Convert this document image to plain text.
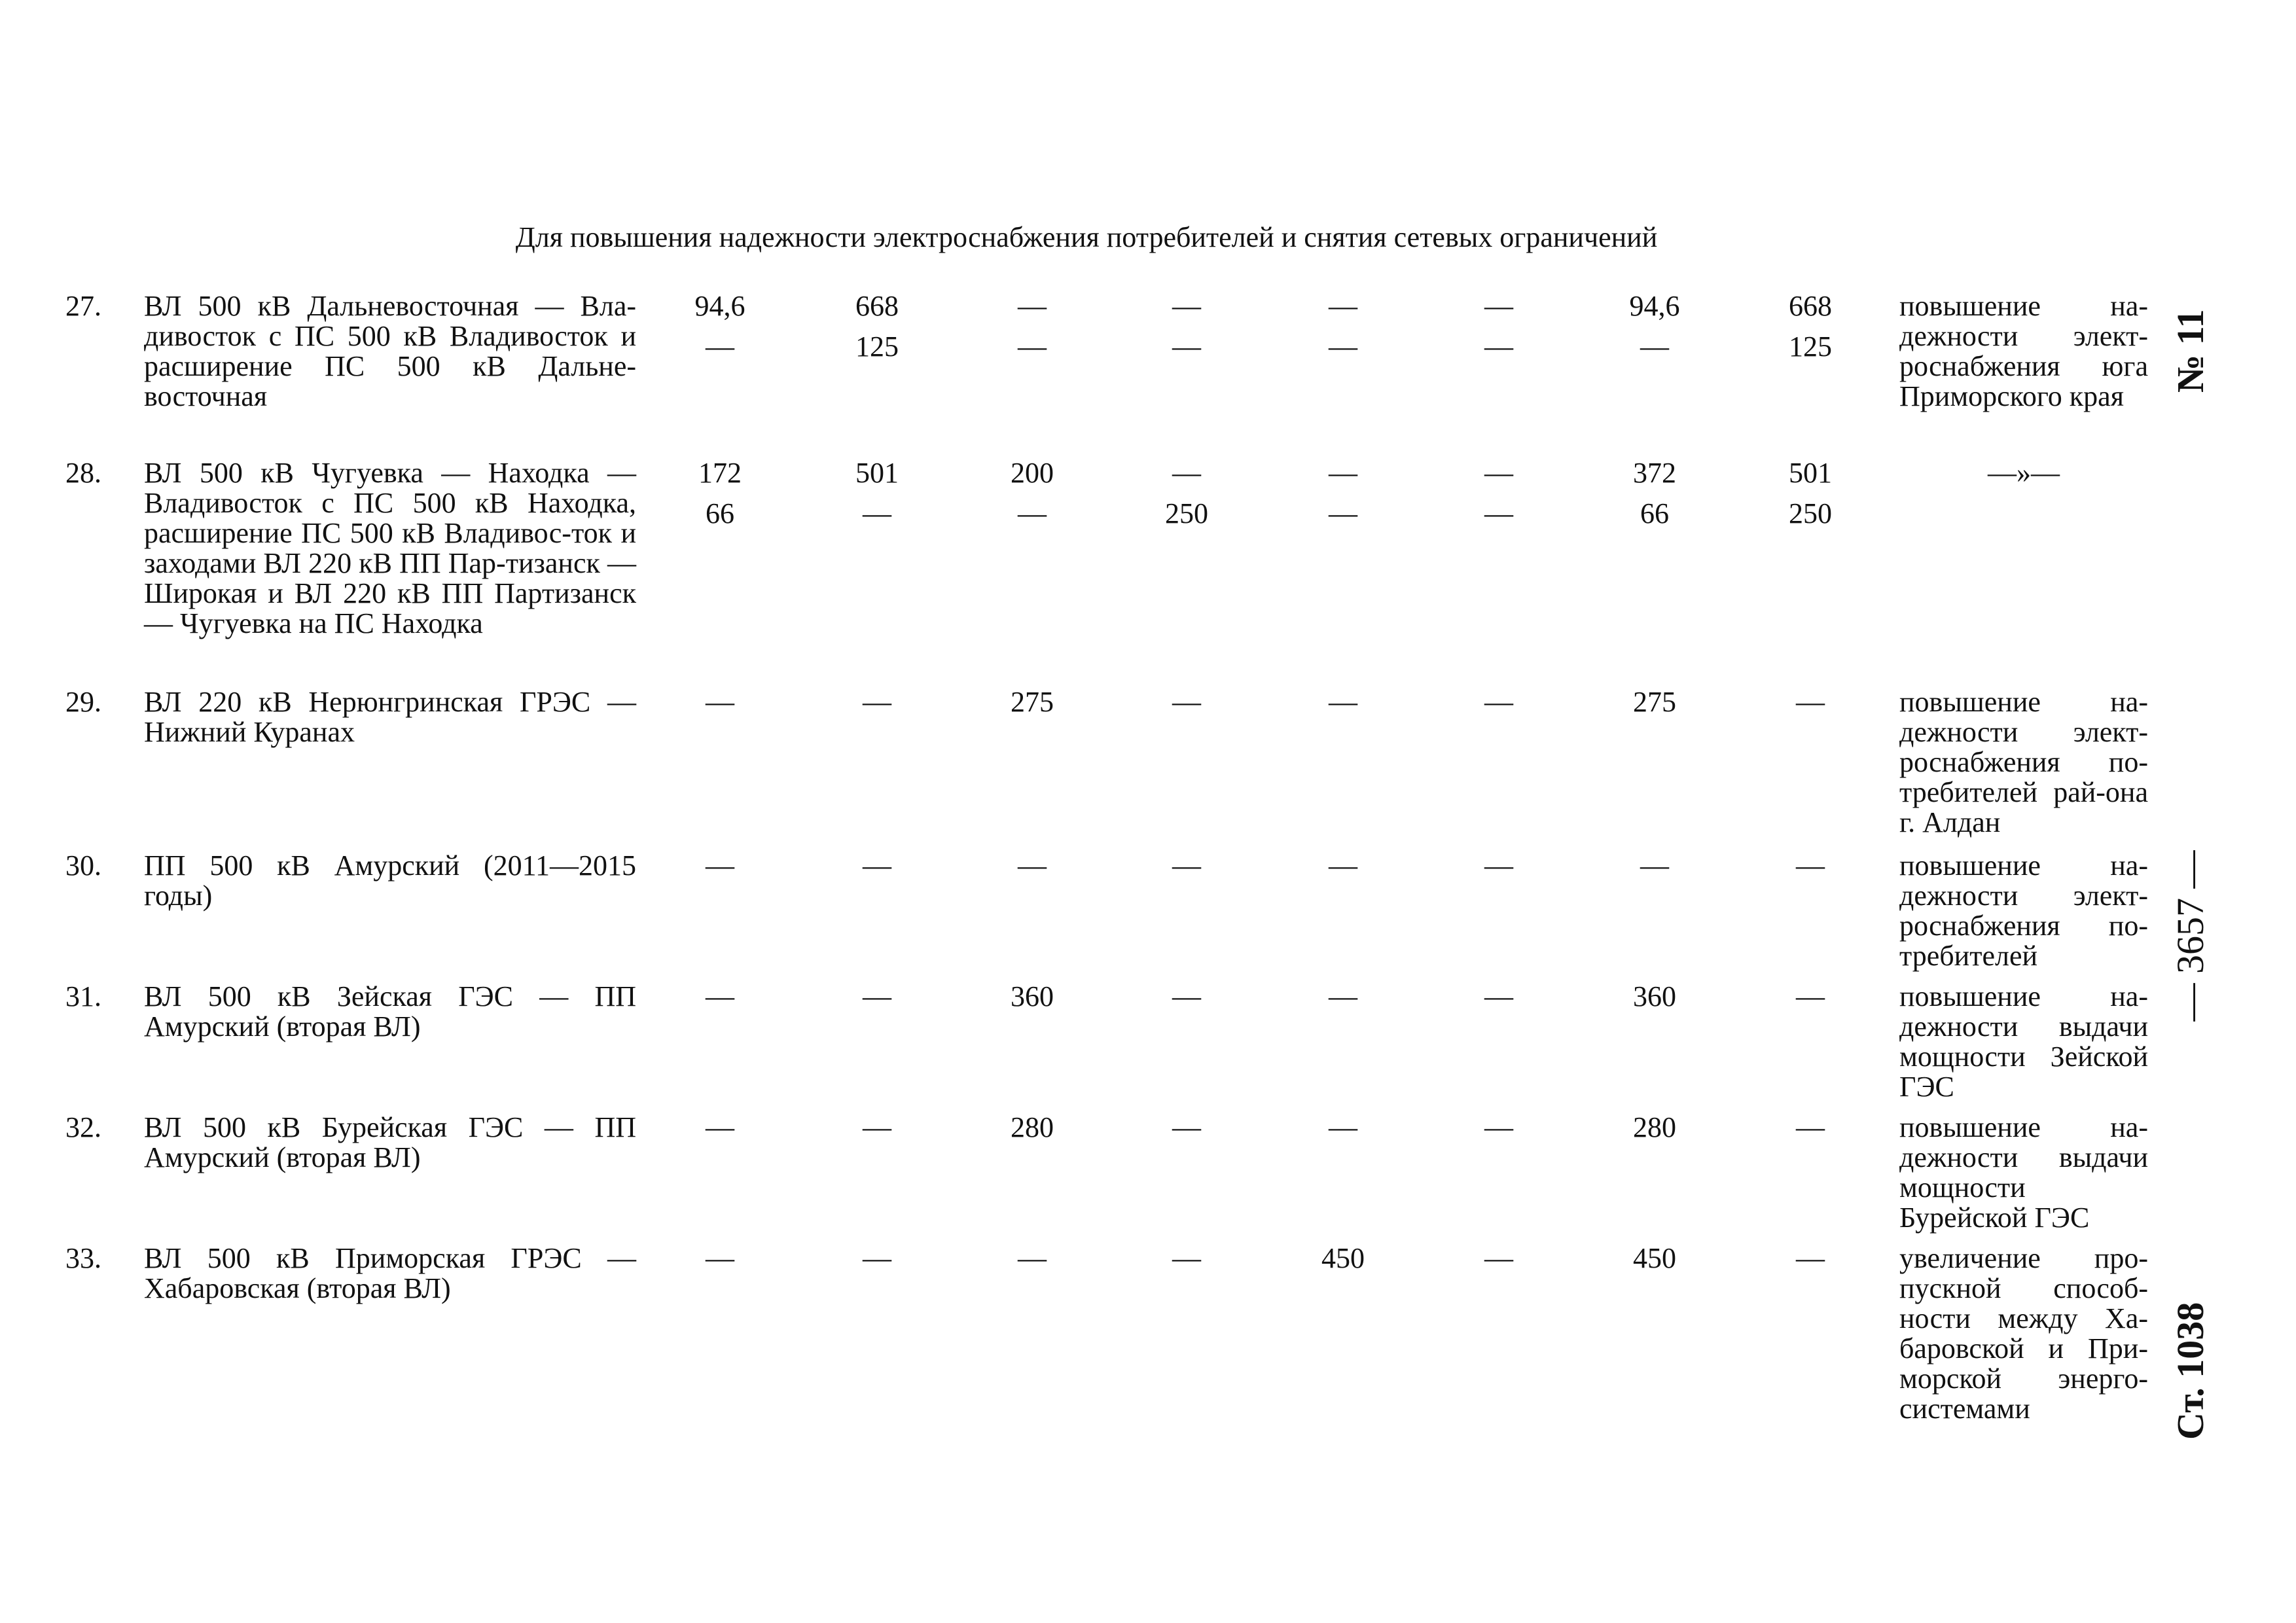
Для повышения надежности электроснабжения потребителей и снятия сетевых ограничений
27. ВЛ 500 кВ Дальневосточная — Вла-дивосток с ПС 500 кВ Владивосток и расширение ПС 500 кВ Дальне-восточная
94,6	668	—	—	—	—	94,6	668
—	125	—	—	—	—	—	125
повышение на-дежности элект-роснабжения юга Приморского края
28. ВЛ 500 кВ Чугуевка — Находка — Владивосток с ПС 500 кВ Находка, расширение ПС 500 кВ Владивос-ток и заходами ВЛ 220 кВ ПП Пар-тизанск — Широкая и ВЛ 220 кВ ПП Партизанск — Чугуевка на ПС Находка
172	501	200	—	—	—	372	501
66	—	—	250	—	—	66	250
—»—
29. ВЛ 220 кВ Нерюнгринская ГРЭС — Нижний Куранах
—	—	275	—	—	—	275	—	повышение на-дежности элект-роснабжения по-требителей рай-она г. Алдан
30. ПП 500 кВ Амурский (2011—2015 годы)
—	—	—	—	—	—	—	—	повышение на-дежности элект-роснабжения по-требителей
31. ВЛ 500 кВ Зейская ГЭС — ПП Амурский (вторая ВЛ)
—	—	360	—	—	—	360	—	повышение на-дежности выдачи мощности Зейской ГЭС
32. ВЛ 500 кВ Бурейская ГЭС — ПП Амурский (вторая ВЛ)
—	—	280	—	—	—	280	—	повышение на-дежности выдачи мощности Бурейской ГЭС
33. ВЛ 500 кВ Приморская ГРЭС — Хабаровская (вторая ВЛ)
—	—	—	—	450	—	450	—	увеличение про-пускной способ-ности между Ха-баровской и При-морской энерго-системами
№ 11
— 3657 —
Ст. 1038
